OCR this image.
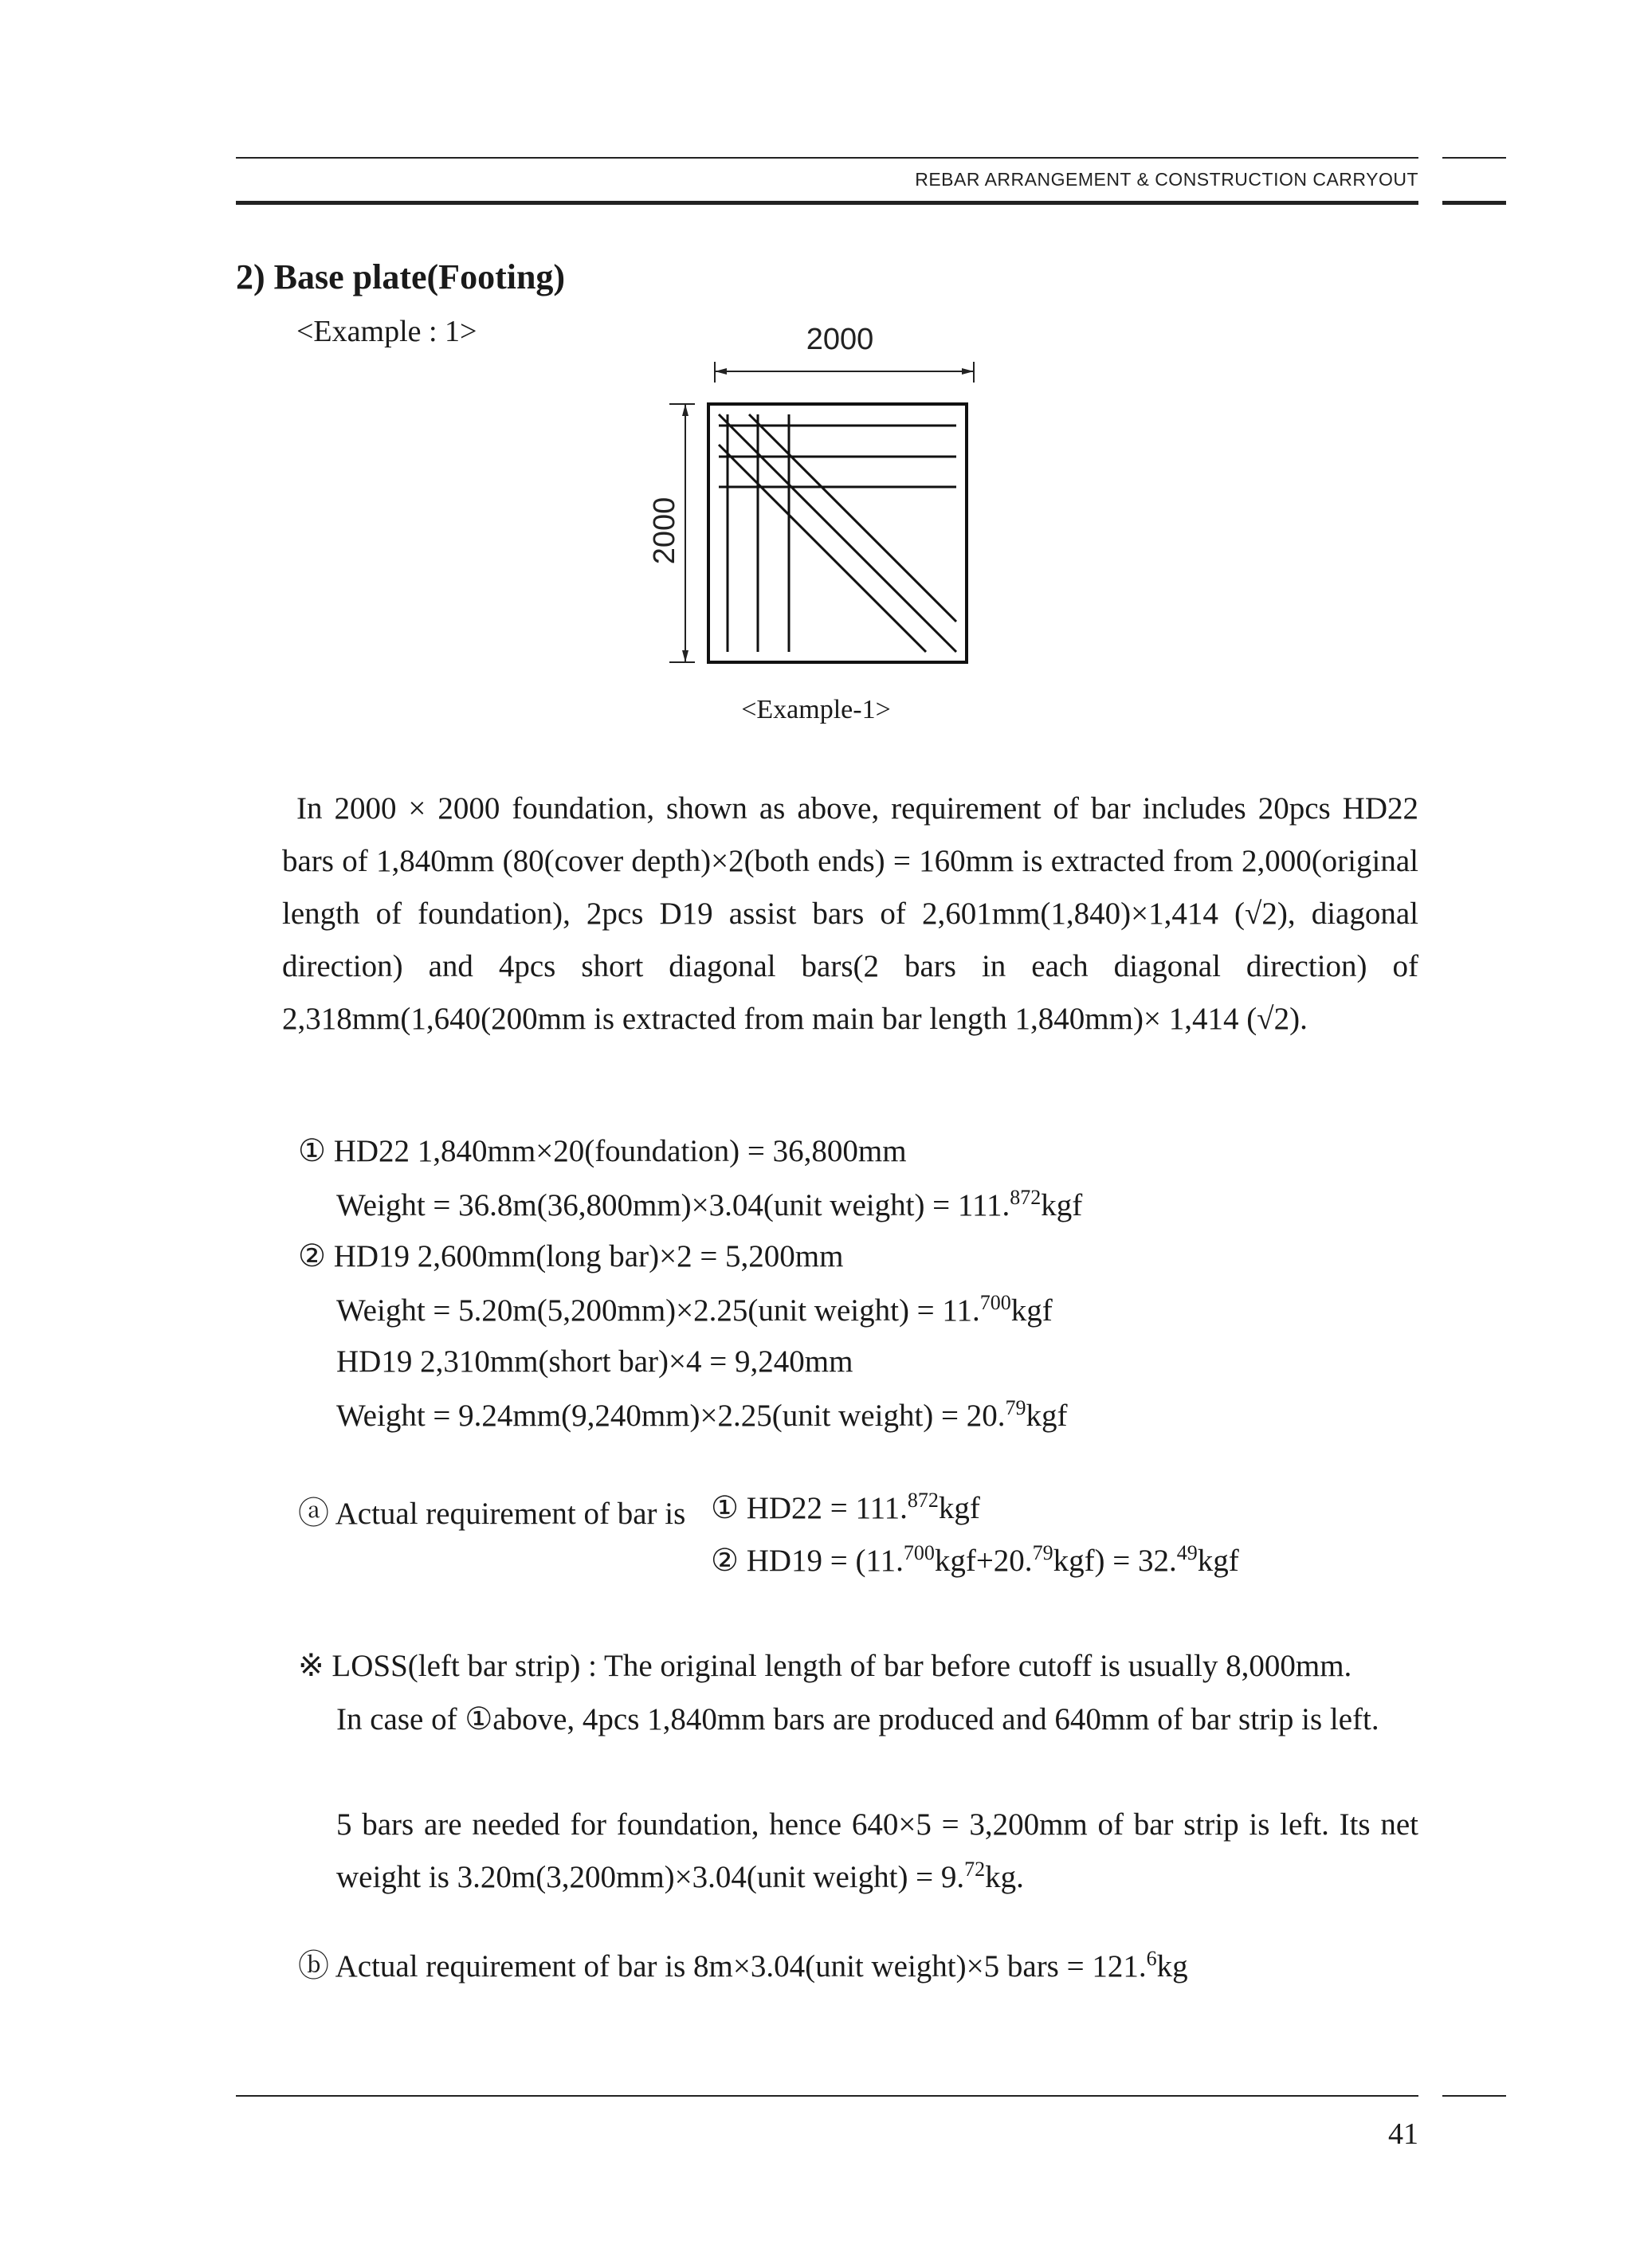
REBAR ARRANGEMENT & CONSTRUCTION CARRYOUT
2) Base plate(Footing)
<Example : 1>	2000
2000
<Example-1>

In 2000 × 2000 foundation, shown as above, requirement of bar includes 20pcs HD22 bars of 1,840mm (80(cover depth)×2(both ends) = 160mm is extracted from 2,000(original length of foundation), 2pcs D19 assist bars of 2,601mm(1,840)×1,414 (√2), diagonal direction) and 4pcs short diagonal bars(2 bars in each diagonal direction) of 2,318mm(1,640(200mm is extracted from main bar length 1,840mm)× 1,414 (√2).

① HD22 1,840mm×20(foundation) = 36,800mm
Weight = 36.8m(36,800mm)×3.04(unit weight) = 111.$^{872}$kgf
② HD19 2,600mm(long bar)×2 = 5,200mm
Weight = 5.20m(5,200mm)×2.25(unit weight) = 11.$^{700}$kgf
HD19 2,310mm(short bar)×4 = 9,240mm
Weight = 9.24mm(9,240mm)×2.25(unit weight) = 20.79kgf
ⓐ Actual requirement of bar is ① HD22 = 111.$^{872}$kgf
② HD19 = (11.$^{700}$kgf+20.79kgf) = 32.49kgf
※ LOSS(left bar strip) : The original length of bar before cutoff is usually 8,000mm.
In case of ①above, 4pcs 1,840mm bars are produced and 640mm of bar strip is left.
5 bars are needed for foundation, hence 640×5 = 3,200mm of bar strip is left. Its net weight is 3.20m(3,200mm)×3.04(unit weight) = 9.72kg.
ⓑ Actual requirement of bar is 8m×3.04(unit weight)×5 bars = 121.$^6$kg
41
